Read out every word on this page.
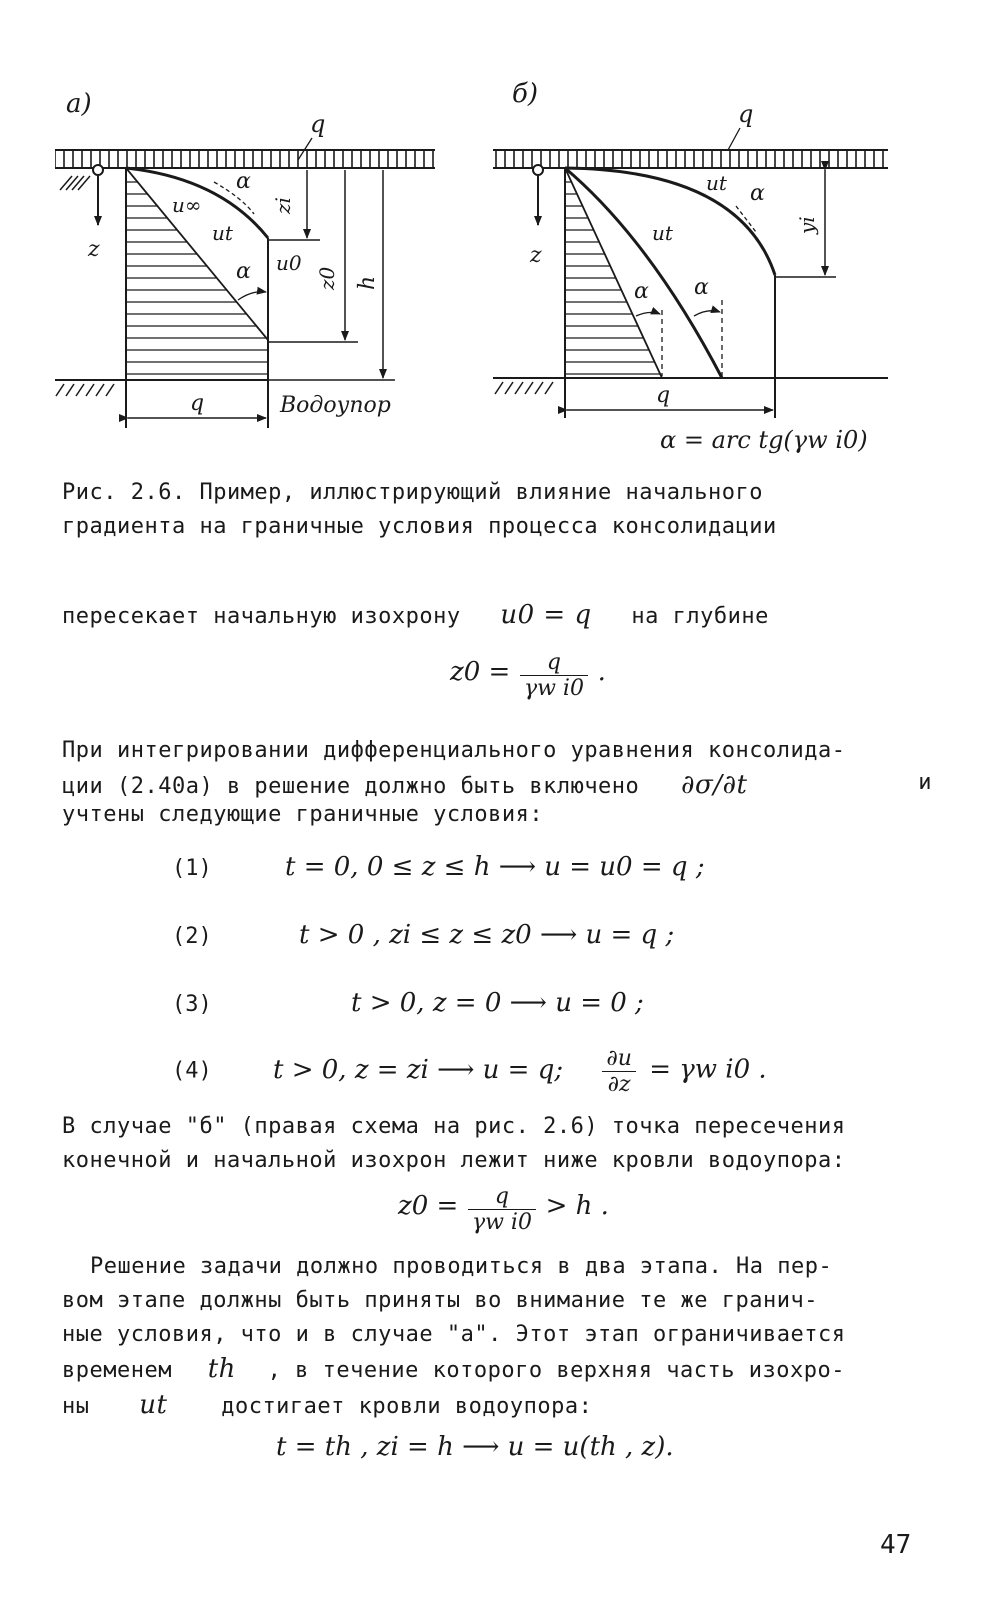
а)
z
u∞
ut
u0
α
α
zi
z0 h
q	Водоупор
q
б)
z
α α
α
ut
ut	yi
q
q
α = arc tg(γw i0)
Рис. 2.6. Пример, иллюстрирующий влияние начального
градиента на граничные условия процесса консолидации
пересекает начальную изохрону u0 = q на глубине
$z0 = \frac{q}{\text{γw i0}}$ .
При интегрировании дифференциального уравнения консолида-
ции (2.40а) в решение должно быть включено ∂σ/∂t	и
учтены следующие граничные условия:
(1)	t = 0, 0 ≤ z ≤ h ⟶ u = u0 = q ;
(2)	t > 0 , zi ≤ z ≤ z0 ⟶ u = q ;
(3)	t > 0, z = 0 ⟶ u = 0 ;
(4) t > 0, z = zi ⟶ u = q; $\frac{\partial u}{\partial z} = \gamma w$ i0 .
В случае "б" (правая схема на рис. 2.6) точка пересечения
конечной и начальной изохрон лежит ниже кровли водоупора:
$z0 = \frac{q}{\text{γw i0}} > h$ .
Решение задачи должно проводиться в два этапа. На пер-
вом этапе должны быть приняты во внимание те же гранич-
ные условия, что и в случае "а". Этот этап ограничивается
временем th , в течение которого верхняя часть изохро-
ны ut достигает кровли водоупора:
t = th , zi = h ⟶ u = u(th , z).
47
